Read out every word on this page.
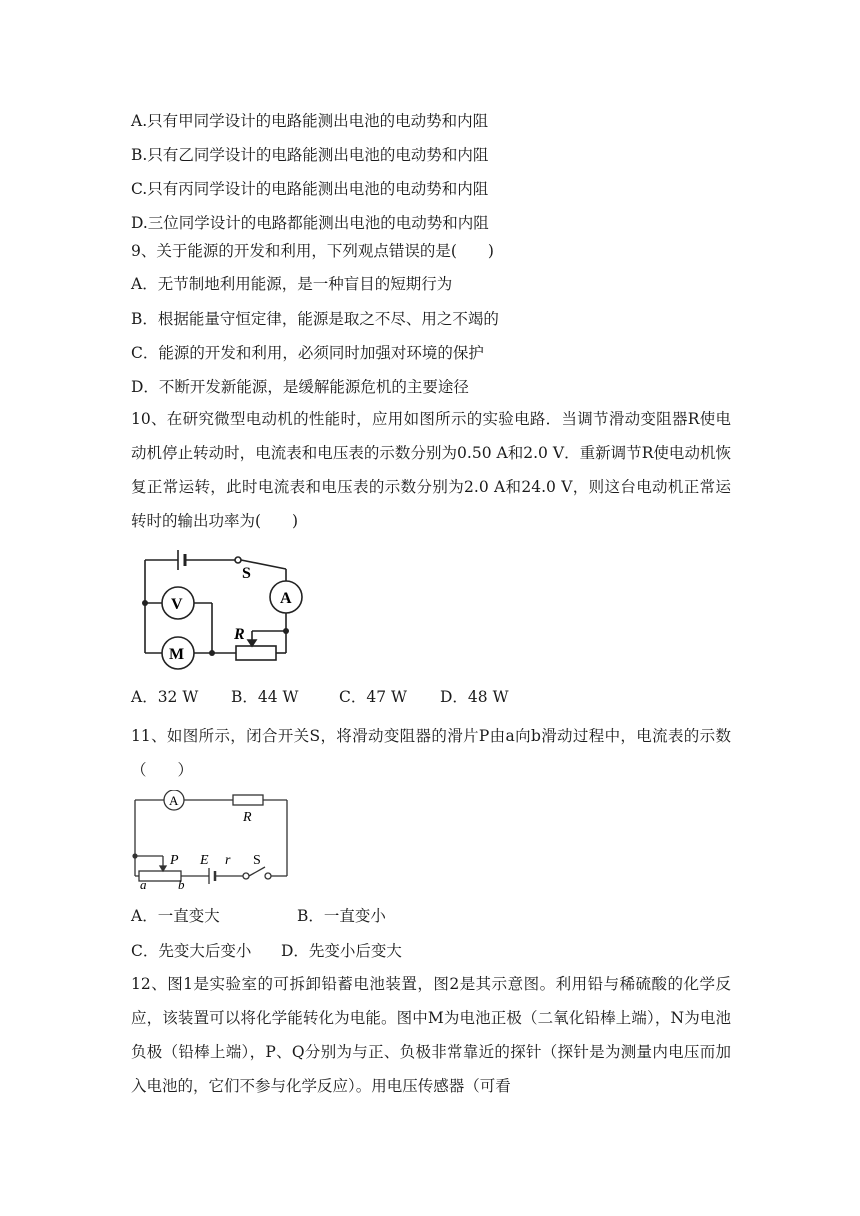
A.只有甲同学设计的电路能测出电池的电动势和内阻
B.只有乙同学设计的电路能测出电池的电动势和内阻
C.只有丙同学设计的电路能测出电池的电动势和内阻
D.三位同学设计的电路都能测出电池的电动势和内阻
9、关于能源的开发和利用，下列观点错误的是(　　)
A．无节制地利用能源，是一种盲目的短期行为
B．根据能量守恒定律，能源是取之不尽、用之不竭的
C．能源的开发和利用，必须同时加强对环境的保护
D．不断开发新能源，是缓解能源危机的主要途径
10、在研究微型电动机的性能时，应用如图所示的实验电路．当调节滑动变阻器R使电动机停止转动时，电流表和电压表的示数分别为0.50 A和2.0 V．重新调节R使电动机恢复正常运转，此时电流表和电压表的示数分别为2.0 A和24.0 V，则这台电动机正常运转时的输出功率为(　　)
S
A
V
M
R
A．32 W B．44 W	C．47 W D．48 W
11、如图所示，闭合开关S，将滑动变阻器的滑片P由a向b滑动过程中，电流表的示数（　　）
A
R
P E r S
a b
A．一直变大	B．一直变小
C．先变大后变小 D．先变小后变大
12、图1是实验室的可拆卸铅蓄电池装置，图2是其示意图。利用铅与稀硫酸的化学反应，该装置可以将化学能转化为电能。图中M为电池正极（二氧化铅棒上端），N为电池负极（铅棒上端），P、Q分别为与正、负极非常靠近的探针（探针是为测量内电压而加入电池的，它们不参与化学反应）。用电压传感器（可看
